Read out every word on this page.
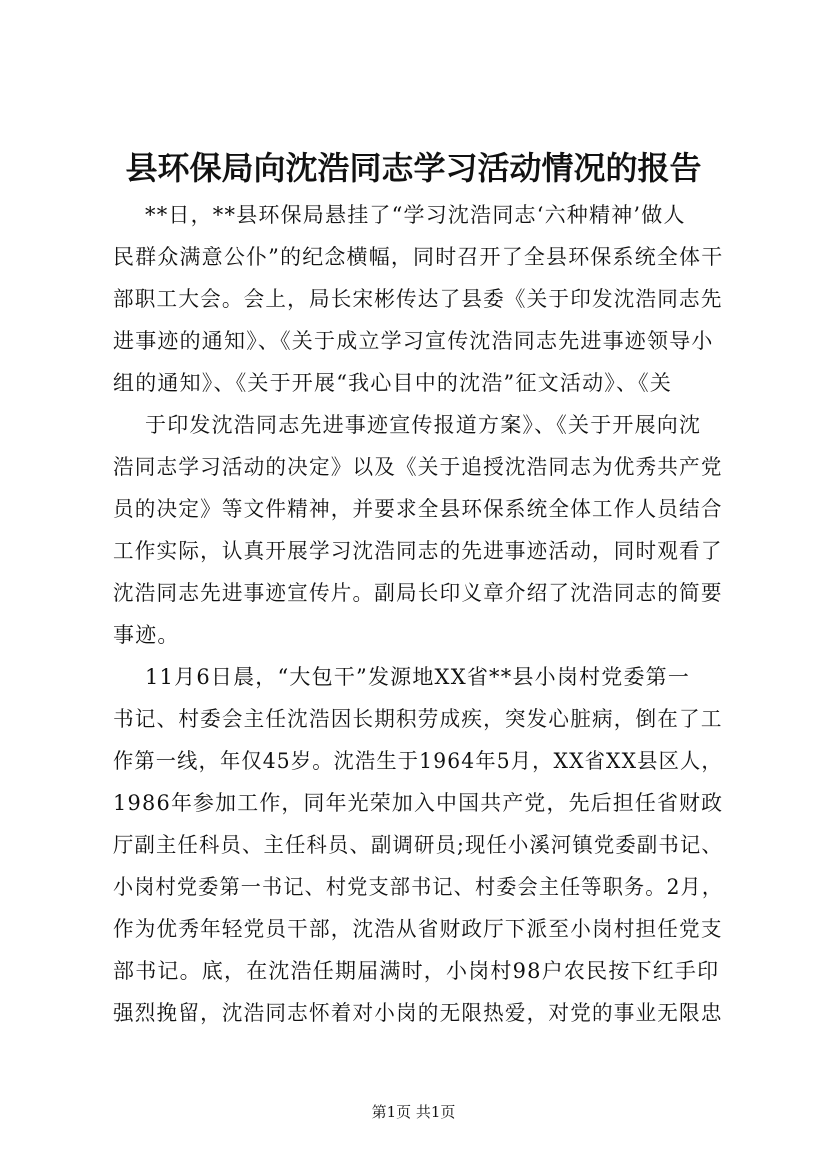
县环保局向沈浩同志学习活动情况的报告
**日，**县环保局悬挂了“学习沈浩同志‘六种精神’做人
民群众满意公仆”的纪念横幅，同时召开了全县环保系统全体干
部职工大会。会上，局长宋彬传达了县委《关于印发沈浩同志先
进事迹的通知》、《关于成立学习宣传沈浩同志先进事迹领导小
组的通知》、《关于开展“我心目中的沈浩”征文活动》、《关
于印发沈浩同志先进事迹宣传报道方案》、《关于开展向沈
浩同志学习活动的决定》以及《关于追授沈浩同志为优秀共产党
员的决定》等文件精神，并要求全县环保系统全体工作人员结合
工作实际，认真开展学习沈浩同志的先进事迹活动，同时观看了
沈浩同志先进事迹宣传片。副局长印义章介绍了沈浩同志的简要
事迹。
11月6日晨，“大包干”发源地XX省**县小岗村党委第一
书记、村委会主任沈浩因长期积劳成疾，突发心脏病，倒在了工
作第一线，年仅45岁。沈浩生于1964年5月，XX省XX县区人，
1986年参加工作，同年光荣加入中国共产党，先后担任省财政
厅副主任科员、主任科员、副调研员;现任小溪河镇党委副书记、
小岗村党委第一书记、村党支部书记、村委会主任等职务。2月，
作为优秀年轻党员干部，沈浩从省财政厅下派至小岗村担任党支
部书记。底，在沈浩任期届满时，小岗村98户农民按下红手印
强烈挽留，沈浩同志怀着对小岗的无限热爱，对党的事业无限忠
第1页 共1页
